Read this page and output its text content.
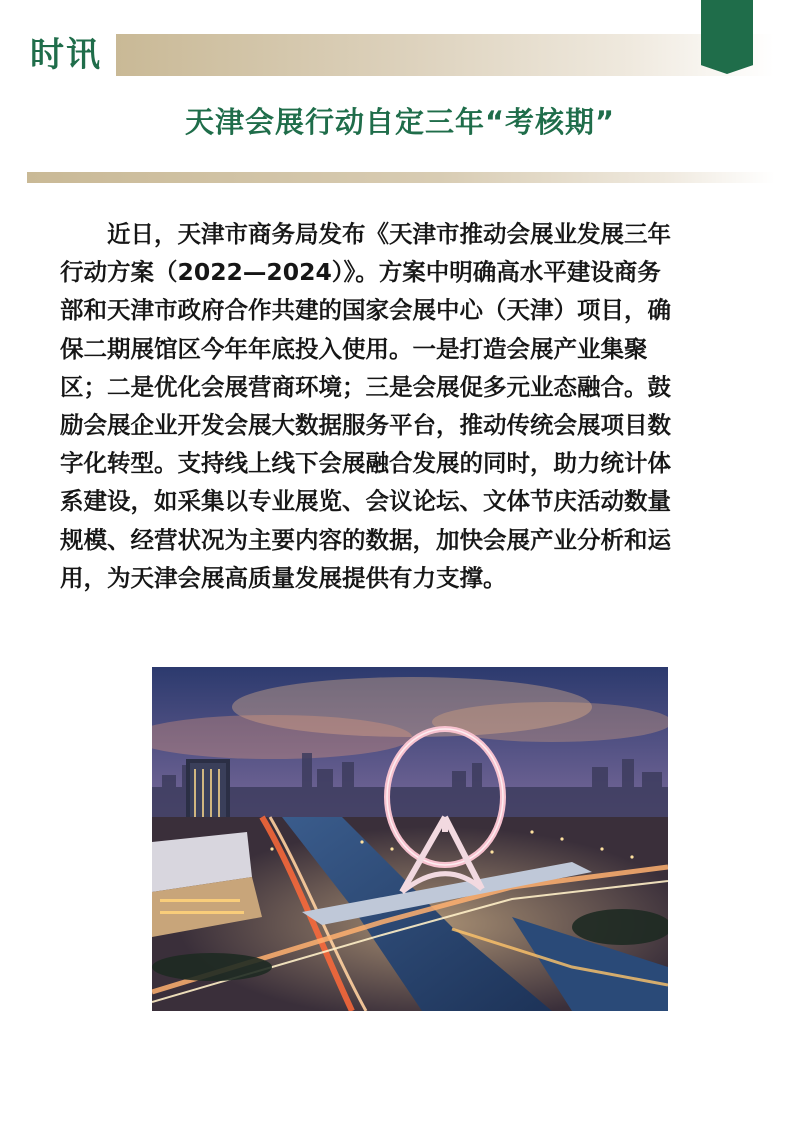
时讯
天津会展行动自定三年“考核期”
近日，天津市商务局发布《天津市推动会展业发展三年
行动方案（2022—2024）》。方案中明确高水平建设商务
部和天津市政府合作共建的国家会展中心（天津）项目，确
保二期展馆区今年年底投入使用。一是打造会展产业集聚
区；二是优化会展营商环境；三是会展促多元业态融合。鼓
励会展企业开发会展大数据服务平台，推动传统会展项目数
字化转型。支持线上线下会展融合发展的同时，助力统计体
系建设，如采集以专业展览、会议论坛、文体节庆活动数量
规模、经营状况为主要内容的数据，加快会展产业分析和运
用，为天津会展高质量发展提供有力支撑。
